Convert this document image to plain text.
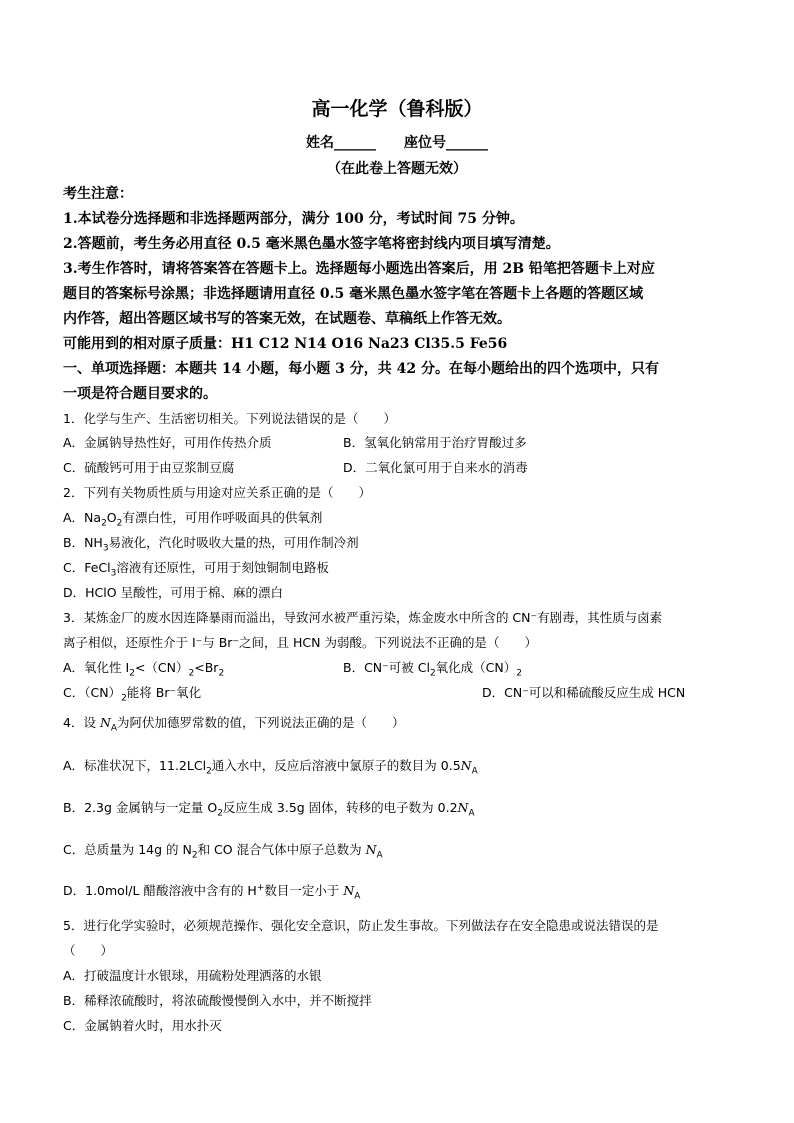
高一化学（鲁科版）
姓名______ 座位号______
（在此卷上答题无效）
考生注意：
1.本试卷分选择题和非选择题两部分，满分 100 分，考试时间 75 分钟。
2.答题前，考生务必用直径 0.5 毫米黑色墨水签字笔将密封线内项目填写清楚。
3.考生作答时，请将答案答在答题卡上。选择题每小题选出答案后，用 2B 铅笔把答题卡上对应
题目的答案标号涂黑；非选择题请用直径 0.5 毫米黑色墨水签字笔在答题卡上各题的答题区域
内作答，超出答题区域书写的答案无效，在试题卷、草稿纸上作答无效。
可能用到的相对原子质量：H1 C12 N14 O16 Na23 Cl35.5 Fe56
一、单项选择题：本题共 14 小题，每小题 3 分，共 42 分。在每小题给出的四个选项中，只有
一项是符合题目要求的。
1．化学与生产、生活密切相关。下列说法错误的是（　　）
A．金属钠导热性好，可用作传热介质	B．氢氧化钠常用于治疗胃酸过多
C．硫酸钙可用于由豆浆制豆腐	D．二氧化氯可用于自来水的消毒
2．下列有关物质性质与用途对应关系正确的是（　　）
A．$Na_2O_2$有漂白性，可用作呼吸面具的供氧剂
B．$NH_3$易液化，汽化时吸收大量的热，可用作制冷剂
C．FeCl$_3$溶液有还原性，可用于刻蚀铜制电路板
D．HClO 呈酸性，可用于棉、麻的漂白
3．某炼金厂的废水因连降暴雨而溢出，导致河水被严重污染，炼金废水中所含的 CN⁻有剧毒，其性质与卤素
离子相似，还原性介于 I⁻与 Br⁻之间，且 HCN 为弱酸。下列说法不正确的是（　　）
A．氧化性 $I_2<(CN)_2<Br_2$	B．CN⁻可被 $Cl_2$氧化成$(CN)_2$
C．$(CN)_2$能将 Br⁻氧化	D．CN⁻可以和稀硫酸反应生成 HCN
4．设 $N_A$为阿伏加德罗常数的值，下列说法正确的是（　　）
A．标准状况下，11.2LCl$_2$通入水中，反应后溶液中氯原子的数目为 $0.5N_A$
B．2.3g 金属钠与一定量 $O_2$反应生成 3.5g 固体，转移的电子数为 $0.2N_A$
C．总质量为 14g 的 $N_2$和 CO 混合气体中原子总数为 $N_A$
D．1.0mol/L 醋酸溶液中含有的 H+数目一定小于 $N_A$
5．进行化学实验时，必须规范操作、强化安全意识，防止发生事故。下列做法存在安全隐患或说法错误的是
（　　）
A．打破温度计水银球，用硫粉处理洒落的水银
B．稀释浓硫酸时，将浓硫酸慢慢倒入水中，并不断搅拌
C．金属钠着火时，用水扑灭
